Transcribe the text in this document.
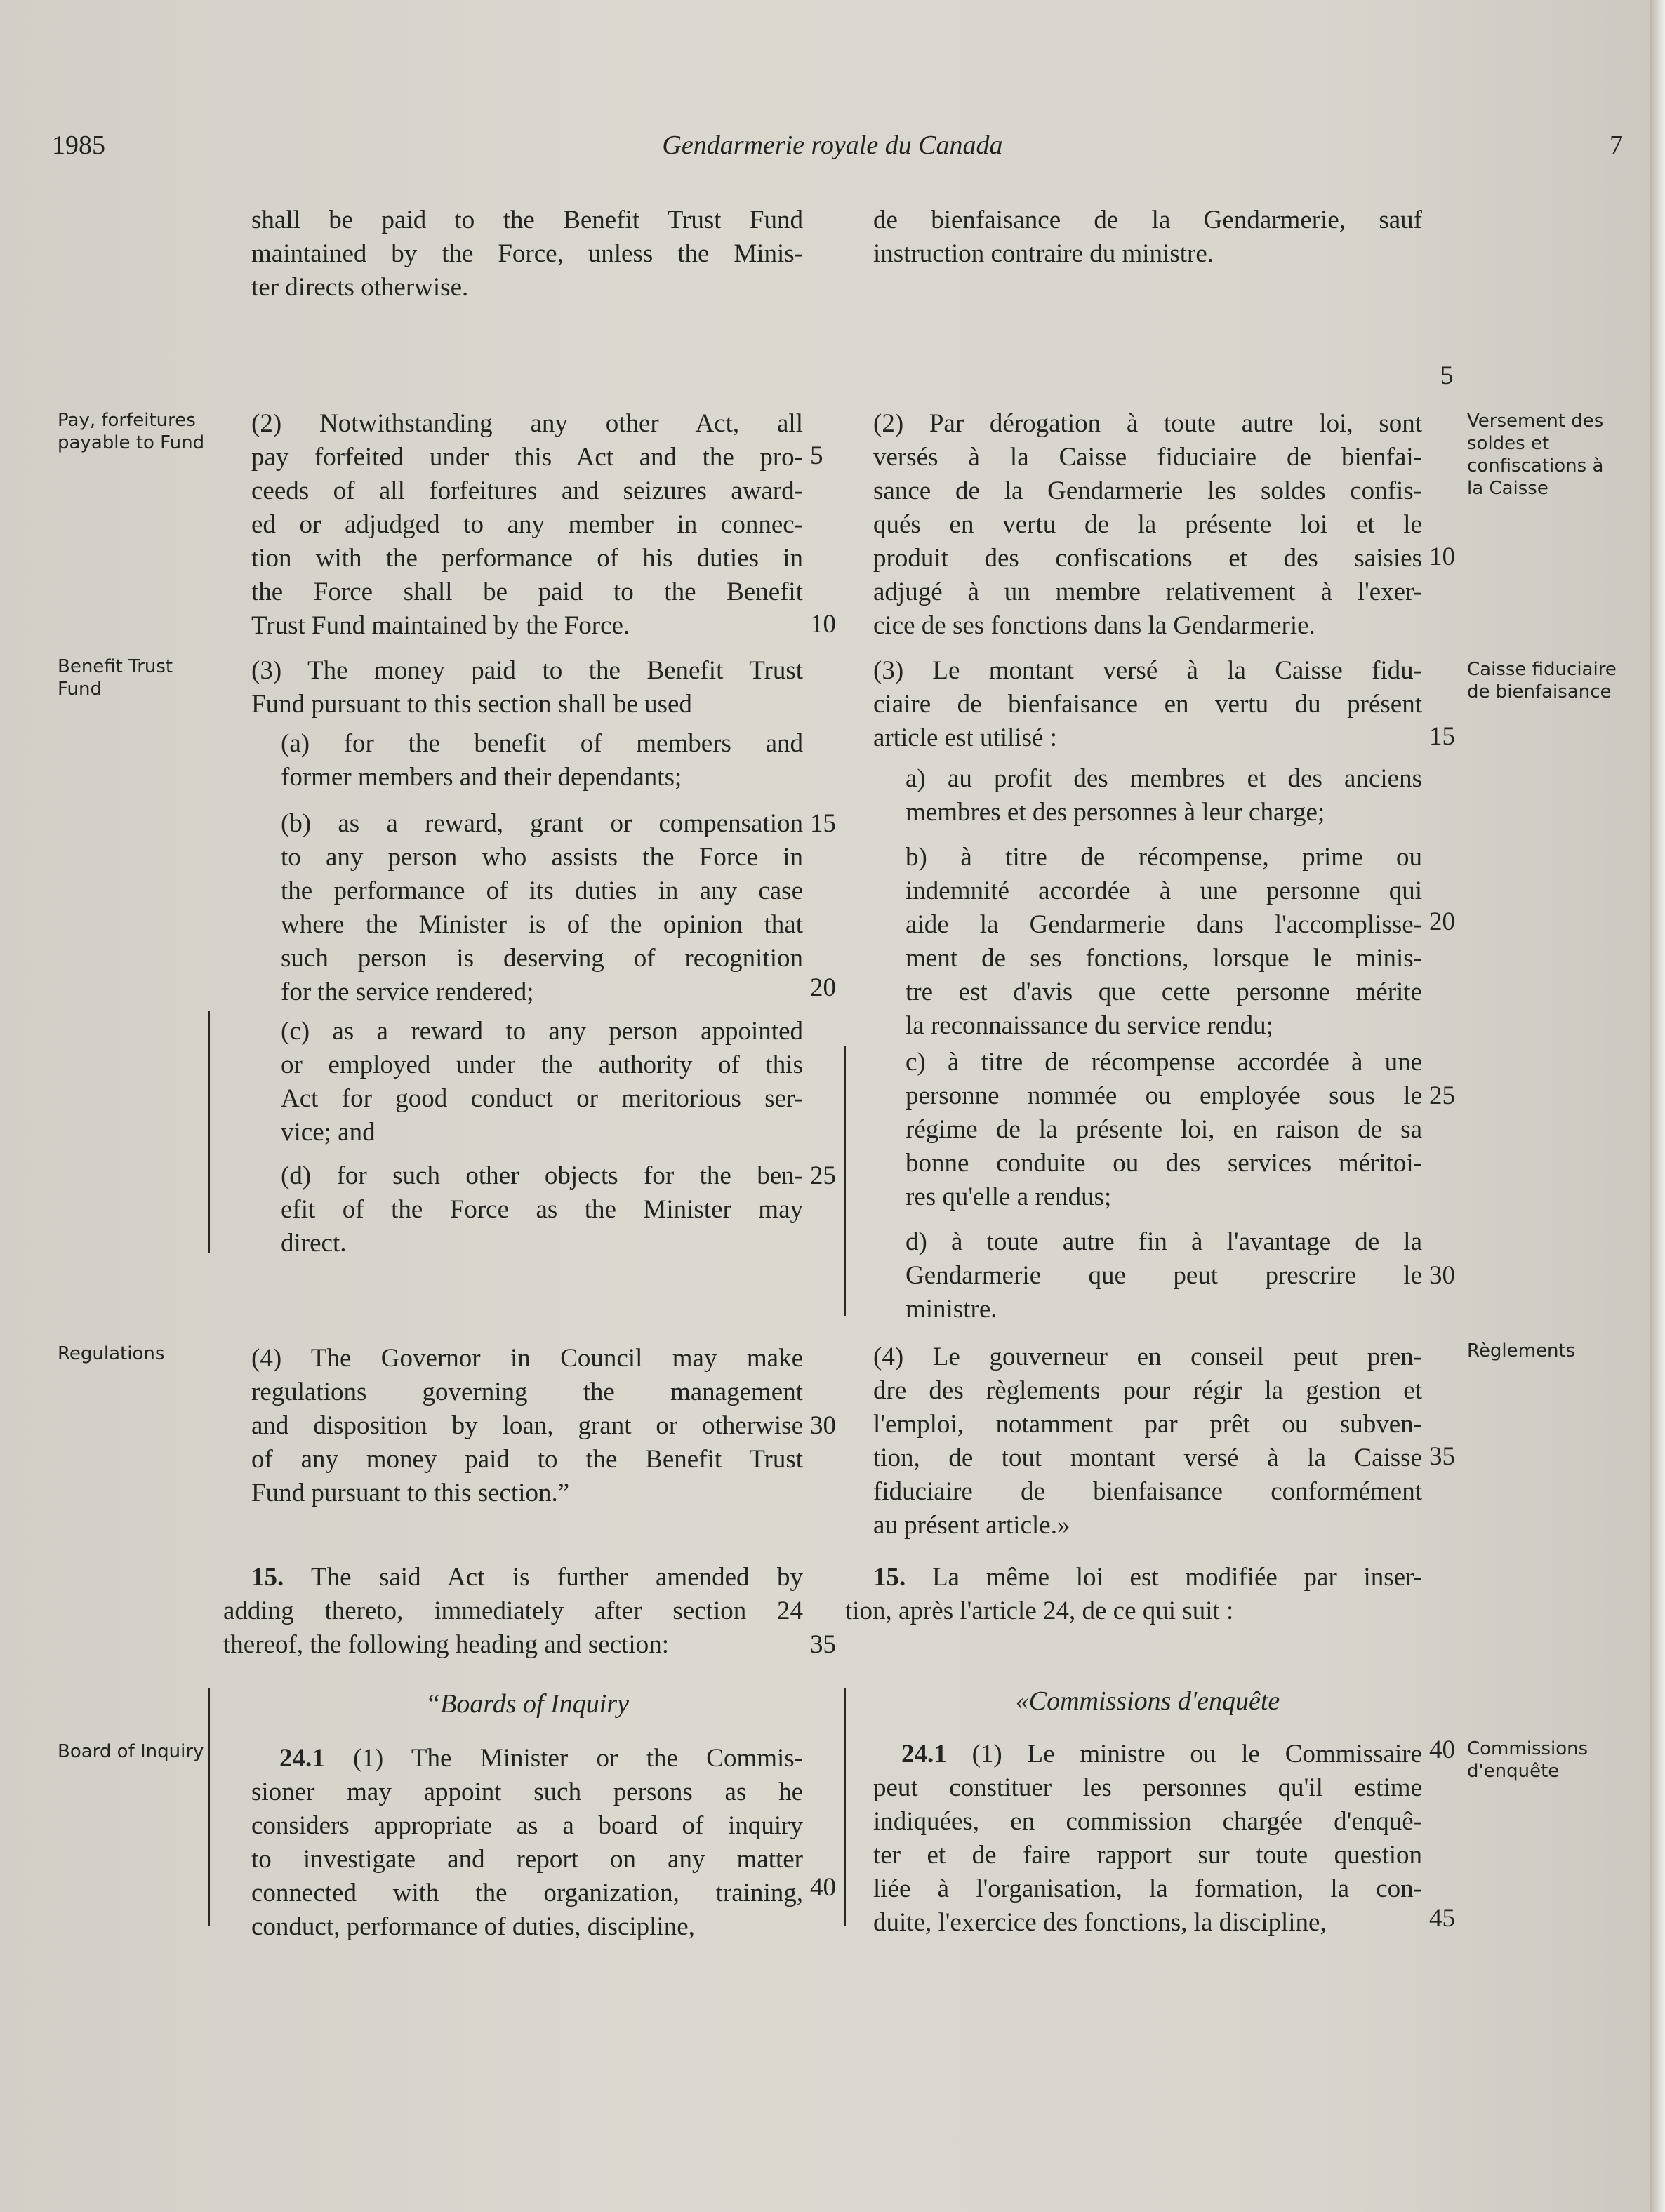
Gendarmerie royale du Canada
1985	7
Pay, forfeitures payable to Fund
Benefit Trust Fund
Regulations
Board of Inquiry
Versement des soldes et confiscations à la Caisse
Caisse fiduciaire de bienfaisance
Règlements
Commissions d'enquête
5
5
10
10
15
15
20
20
25
25
30
30
35
35
40
40
45
shall be paid to the Benefit Trust Fund
maintained by the Force, unless the Minis-
ter directs otherwise.
(2) Notwithstanding any other Act, all
pay forfeited under this Act and the pro-
ceeds of all forfeitures and seizures award-
ed or adjudged to any member in connec-
tion with the performance of his duties in
the Force shall be paid to the Benefit
Trust Fund maintained by the Force.
(3) The money paid to the Benefit Trust
Fund pursuant to this section shall be used
(a) for the benefit of members and
former members and their dependants;
(b) as a reward, grant or compensation
to any person who assists the Force in
the performance of its duties in any case
where the Minister is of the opinion that
such person is deserving of recognition
for the service rendered;
(c) as a reward to any person appointed
or employed under the authority of this
Act for good conduct or meritorious ser-
vice; and
(d) for such other objects for the ben-
efit of the Force as the Minister may
direct.
(4) The Governor in Council may make
regulations governing the management
and disposition by loan, grant or otherwise
of any money paid to the Benefit Trust
Fund pursuant to this section.”
15. The said Act is further amended by
adding thereto, immediately after section 24
thereof, the following heading and section:
“Boards of Inquiry
24.1 (1) The Minister or the Commis-
sioner may appoint such persons as he
considers appropriate as a board of inquiry
to investigate and report on any matter
connected with the organization, training,
conduct, performance of duties, discipline,
de bienfaisance de la Gendarmerie, sauf
instruction contraire du ministre.
(2) Par dérogation à toute autre loi, sont
versés à la Caisse fiduciaire de bienfai-
sance de la Gendarmerie les soldes confis-
qués en vertu de la présente loi et le
produit des confiscations et des saisies
adjugé à un membre relativement à l'exer-
cice de ses fonctions dans la Gendarmerie.
(3) Le montant versé à la Caisse fidu-
ciaire de bienfaisance en vertu du présent
article est utilisé :
a) au profit des membres et des anciens
membres et des personnes à leur charge;
b) à titre de récompense, prime ou
indemnité accordée à une personne qui
aide la Gendarmerie dans l'accomplisse-
ment de ses fonctions, lorsque le minis-
tre est d'avis que cette personne mérite
la reconnaissance du service rendu;
c) à titre de récompense accordée à une
personne nommée ou employée sous le
régime de la présente loi, en raison de sa
bonne conduite ou des services méritoi-
res qu'elle a rendus;
d) à toute autre fin à l'avantage de la
Gendarmerie que peut prescrire le
ministre.
(4) Le gouverneur en conseil peut pren-
dre des règlements pour régir la gestion et
l'emploi, notamment par prêt ou subven-
tion, de tout montant versé à la Caisse
fiduciaire de bienfaisance conformément
au présent article.»
15. La même loi est modifiée par inser-
tion, après l'article 24, de ce qui suit :
«Commissions d'enquête
24.1 (1) Le ministre ou le Commissaire
peut constituer les personnes qu'il estime
indiquées, en commission chargée d'enquê-
ter et de faire rapport sur toute question
liée à l'organisation, la formation, la con-
duite, l'exercice des fonctions, la discipline,
